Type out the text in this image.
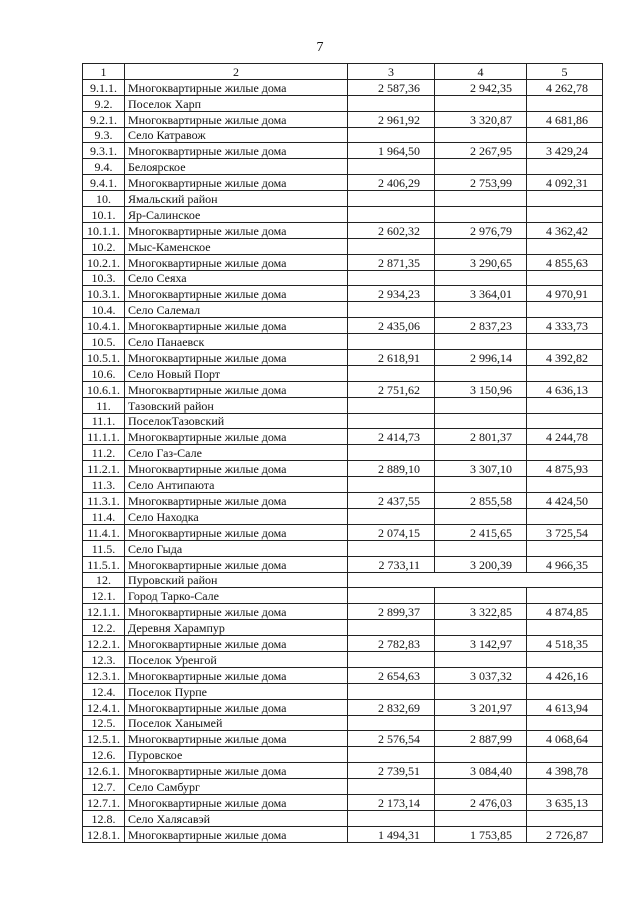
7
1	2	3	4	5
9.1.1.	Многоквартирные жилые дома	2 587,36	2 942,35	4 262,78
9.2.	Поселок Харп			
9.2.1.	Многоквартирные жилые дома	2 961,92	3 320,87	4 681,86
9.3.	Село Катравож			
9.3.1.	Многоквартирные жилые дома	1 964,50	2 267,95	3 429,24
9.4.	Белоярское			
9.4.1.	Многоквартирные жилые дома	2 406,29	2 753,99	4 092,31
10.	Ямальский район			
10.1.	Яр-Салинское			
10.1.1.	Многоквартирные жилые дома	2 602,32	2 976,79	4 362,42
10.2.	Мыс-Каменское			
10.2.1.	Многоквартирные жилые дома	2 871,35	3 290,65	4 855,63
10.3.	Село Сеяха			
10.3.1.	Многоквартирные жилые дома	2 934,23	3 364,01	4 970,91
10.4.	Село Салемал			
10.4.1.	Многоквартирные жилые дома	2 435,06	2 837,23	4 333,73
10.5.	Село Панаевск			
10.5.1.	Многоквартирные жилые дома	2 618,91	2 996,14	4 392,82
10.6.	Село Новый Порт			
10.6.1.	Многоквартирные жилые дома	2 751,62	3 150,96	4 636,13
11.	Тазовский район			
11.1.	ПоселокТазовский			
11.1.1.	Многоквартирные жилые дома	2 414,73	2 801,37	4 244,78
11.2.	Село Газ-Сале			
11.2.1.	Многоквартирные жилые дома	2 889,10	3 307,10	4 875,93
11.3.	Село Антипаюта			
11.3.1.	Многоквартирные жилые дома	2 437,55	2 855,58	4 424,50
11.4.	Село Находка			
11.4.1.	Многоквартирные жилые дома	2 074,15	2 415,65	3 725,54
11.5.	Село Гыда			
11.5.1.	Многоквартирные жилые дома	2 733,11	3 200,39	4 966,35
12.	Пуровский район			
12.1.	Город Тарко-Сале			
12.1.1.	Многоквартирные жилые дома	2 899,37	3 322,85	4 874,85
12.2.	Деревня Харампур			
12.2.1.	Многоквартирные жилые дома	2 782,83	3 142,97	4 518,35
12.3.	Поселок Уренгой			
12.3.1.	Многоквартирные жилые дома	2 654,63	3 037,32	4 426,16
12.4.	Поселок Пурпе			
12.4.1.	Многоквартирные жилые дома	2 832,69	3 201,97	4 613,94
12.5.	Поселок Ханымей			
12.5.1.	Многоквартирные жилые дома	2 576,54	2 887,99	4 068,64
12.6.	Пуровское			
12.6.1.	Многоквартирные жилые дома	2 739,51	3 084,40	4 398,78
12.7.	Село Самбург			
12.7.1.	Многоквартирные жилые дома	2 173,14	2 476,03	3 635,13
12.8.	Село Халясавэй			
12.8.1.	Многоквартирные жилые дома	1 494,31	1 753,85	2 726,87
